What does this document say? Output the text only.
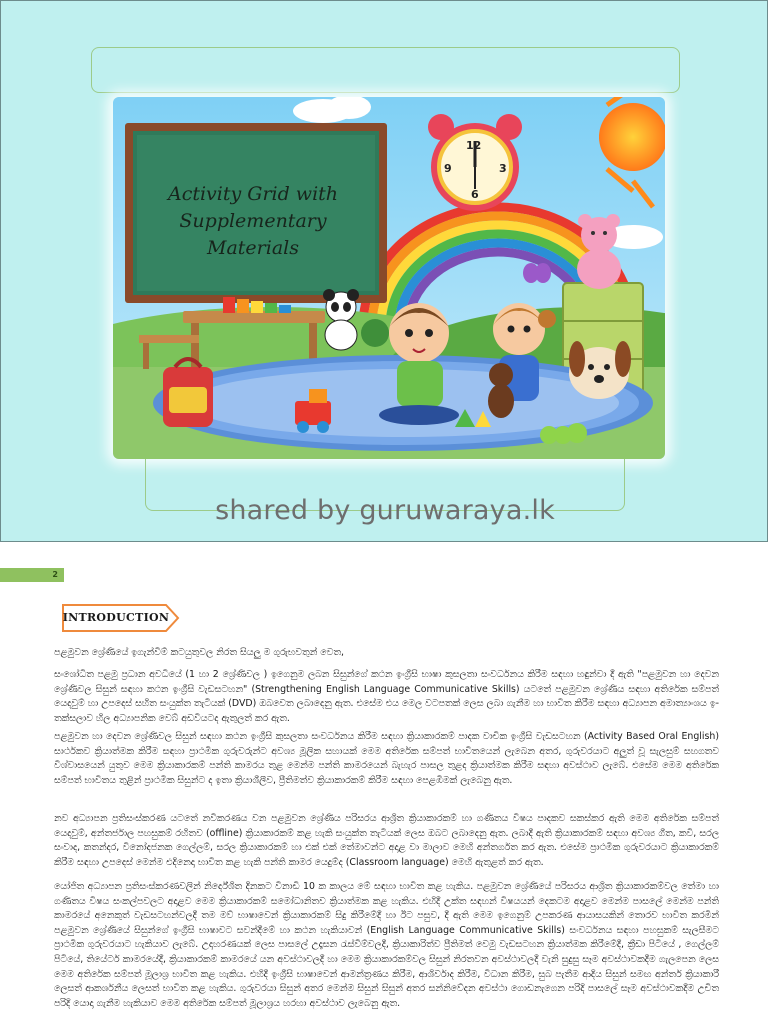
12
3
6
9
Activity Grid with
Supplementary
Materials
shared by guruwaraya.lk
2
INTRODUCTION

පළමුවන ශ්‍රේණියේ ඉගැන්වීම් කටයුතුවල නිරත සියලු ම ගුරුභවතුන් වෙත,

සංශෝධිත පළමු ප්‍රධාන අවධියේ (1 හා 2 ශ්‍රේණිවල ) ඉගෙනුම ලබන සිසුන්ගේ කථන ඉංග්‍රීසි භාෂා කුසලතා සංවර්ධනය කිරීම සඳහා හඳුන්වා දී ඇති "පළමුවන හා දෙවන ශ්‍රේණිවල සිසුන් සඳහා කථන ඉංග්‍රීසි වැඩසටහන" (Strengthening English Language Communicative Skills) යටතේ පළමුවන ශ්‍රේණිය සඳහා අතිරේක සම්පත් යෙදවුම් හා උපදෙස් සහිත සංයුක්ත තැටියක් (DVD) ඔබවෙත ලබාදෙනු ඇත. එසේම එය මෙල වටපතක් ලෙස ලබා ගැනීම හා භාවිත කිරීම සඳහා අධ්‍යාපන අමාත්‍යාංශය ඉ-තක්සලාව හිල අධ්‍යාපනික වෙබ් අඩවියටද ඇතුලත් කර ඇත.

පළමුවන හා දෙවන ශ්‍රේණිවල සිසුන් සඳහා කථන ඉංග්‍රීසි කුසලතා සංවර්ධනය කිරීම සඳහා ක්‍රියාකාරකම් පාදක වාචික ඉංග්‍රීසි වැඩසටහන (Activity Based Oral English) සාර්ථකව ක්‍රියාත්මක කිරීම සඳහා ප්‍රාථමික ගුරුවරුන්ට අවශ්‍ය මූලික සහායක් මෙම අතිරේක සම්පත් භාවිතයෙන් ලැබෙන අතර, ගුරුවරයාට අලුත් වූ සැලසුම් සහගතව විශ්වාසයෙන් යුතුව මෙම ක්‍රියාකාරකම් පන්ති කාමරය තුළ මෙන්ම පන්ති කාමරයෙන් බැහැර පාසල තුළද ක්‍රියාත්මක කිරීම සඳහා අවස්ථාව ලැබේ. එසේම මෙම අතිරේක සම්පත් භාවිතය තුළින් ප්‍රාථමික සිසුන්ට ද ඉතා ක්‍රියාශීලීව, ප්‍රීතිමත්ව ක්‍රියාකාරකම් කිරීම සඳහා පෙළඹීමක් ලැබෙනු ඇත.

නව අධ්‍යාපන ප්‍රතිසංස්කරණ යටතේ නවීකරණය වන පළමුවන ශ්‍රේණිය පරිසරය ආශ්‍රිත ක්‍රියාකාරකම් හා ගණිතය විෂය පාදකව සකස්කර ඇති මෙම අතිරේක සම්පත් යෙදවුම්, අන්තර්ජාල පහසුකම් රහිතව (offline) ක්‍රියාකාරකම් කළ හැකි සංයුක්ත තැටියක් ලෙස ඔබට ලබාදෙනු ඇත. ලබාදී ඇති ක්‍රියාකාරකම් සඳහා අවශ්‍ය ගීත, කවි, සරල සංවාද, කතන්දර, විනෝදජනක ගෙල්ලම්, සරල ක්‍රියාකාරකම් හා එක් එක් තේමාවන්ට අදාළ වා මාලාව මෙහි අන්තර්ගත කර ඇත. එසේම ප්‍රාථමික ගුරුවරයාට ක්‍රියාකාරකම් කිරීම සඳහා උපදෙස් මෙන්ම එදිනෙදා භාවිත කළ හැකි පන්ති කාමර යෙදුම්ද (Classroom language) මෙහි ඇතුළත් කර ඇත.

යෝජිත අධ්‍යාපන ප්‍රතිසංස්කරණවලින් නිර්දේශිත දිනකට විනාඩි 10 ක කාලය මේ සඳහා භාවිත කළ හැකිය. පළමුවන ශ්‍රේණියේ පරිසරය ආශ්‍රිත ක්‍රියාකාරකම්වල තේමා හා ගණිතය විෂය සංකල්පවලට අදාළව මෙම ක්‍රියාකාරකම් සමෝධානිතව ක්‍රියාත්මක කළ හැකිය. එහිදී උක්ත සඳහන් විෂයයන් දෙකටම අදාළව මෙන්ම පාසලේ මෙන්ම පන්ති කාමරයේ අනෙකුත් වැඩසටහන්වලදී තම මව් භාෂාවෙන් ක්‍රියාකාරකම් සිදු කිරීමේදී හා ඊට පසුව, දී ඇති මෙම ඉගෙනුම් උපකරණ ආයාසයකින් තොරව භාවිත කරමින් පළමුවන ශ්‍රේණියේ සිසුන්ගේ ඉංග්‍රීසි භාෂාවට සවන්දීමේ හා කථන හැකියාවන් (English Language Communicative Skills) සංවර්ධනය සඳහා පහසුකම් සැලසීමට ප්‍රාථමික ගුරුවරයාට හැකියාව ලැබේ. උදාහරණයක් ලෙස පාසලේ උදෑසන රැස්වීම්වලදී, ක්‍රියාකාරිත්ව ප්‍රීතිමත් වෙමු වැඩසටහන ක්‍රියාත්මක කිරීමේදී, ක්‍රීඩා පිටියේ , ගෙල්ලම් පිටියේ, තියේටර් කාමරයේදී, ක්‍රියාකාරකම් කාමරයේ යන අවස්ථාවලදී හා මෙම ක්‍රියාකාරකම්වල සිසුන් නිරතවන අවස්ථාවලදී වැනි සුදුසු සෑම අවස්ථාවකදීම ගැලපෙන ලෙස මෙම අතිරේක සම්පත් මූලාශ්‍ර භාවිත කළ හැකිය. එහිදී ඉංග්‍රීසි භාෂාවෙන් ආමන්ත්‍රණය කිරීම, ආශිර්වාද කිරීම, විධාන කිරීම, සුබ පැතීම ආදිය සිසුන් සමඟ අන්තර් ක්‍රියාකාරී ලෙසත් ආකර්ශනීය ලෙසත් භාවිත කළ හැකිය. ගුරුවරයා සිසුන් අතර මෙන්ම සිසුන් සිසුන් අතර සන්නිවේදන අවස්ථා ගොඩනැගෙන පරිදි පාසලේ සෑම අවස්ථාවකදීම උචිත පරිදි යොදා ගැනීම හැකියාව මෙම අතිරේක සම්පත් මූලාශ්‍රය හරහා අවස්ථාව ලැබෙනු ඇත.
